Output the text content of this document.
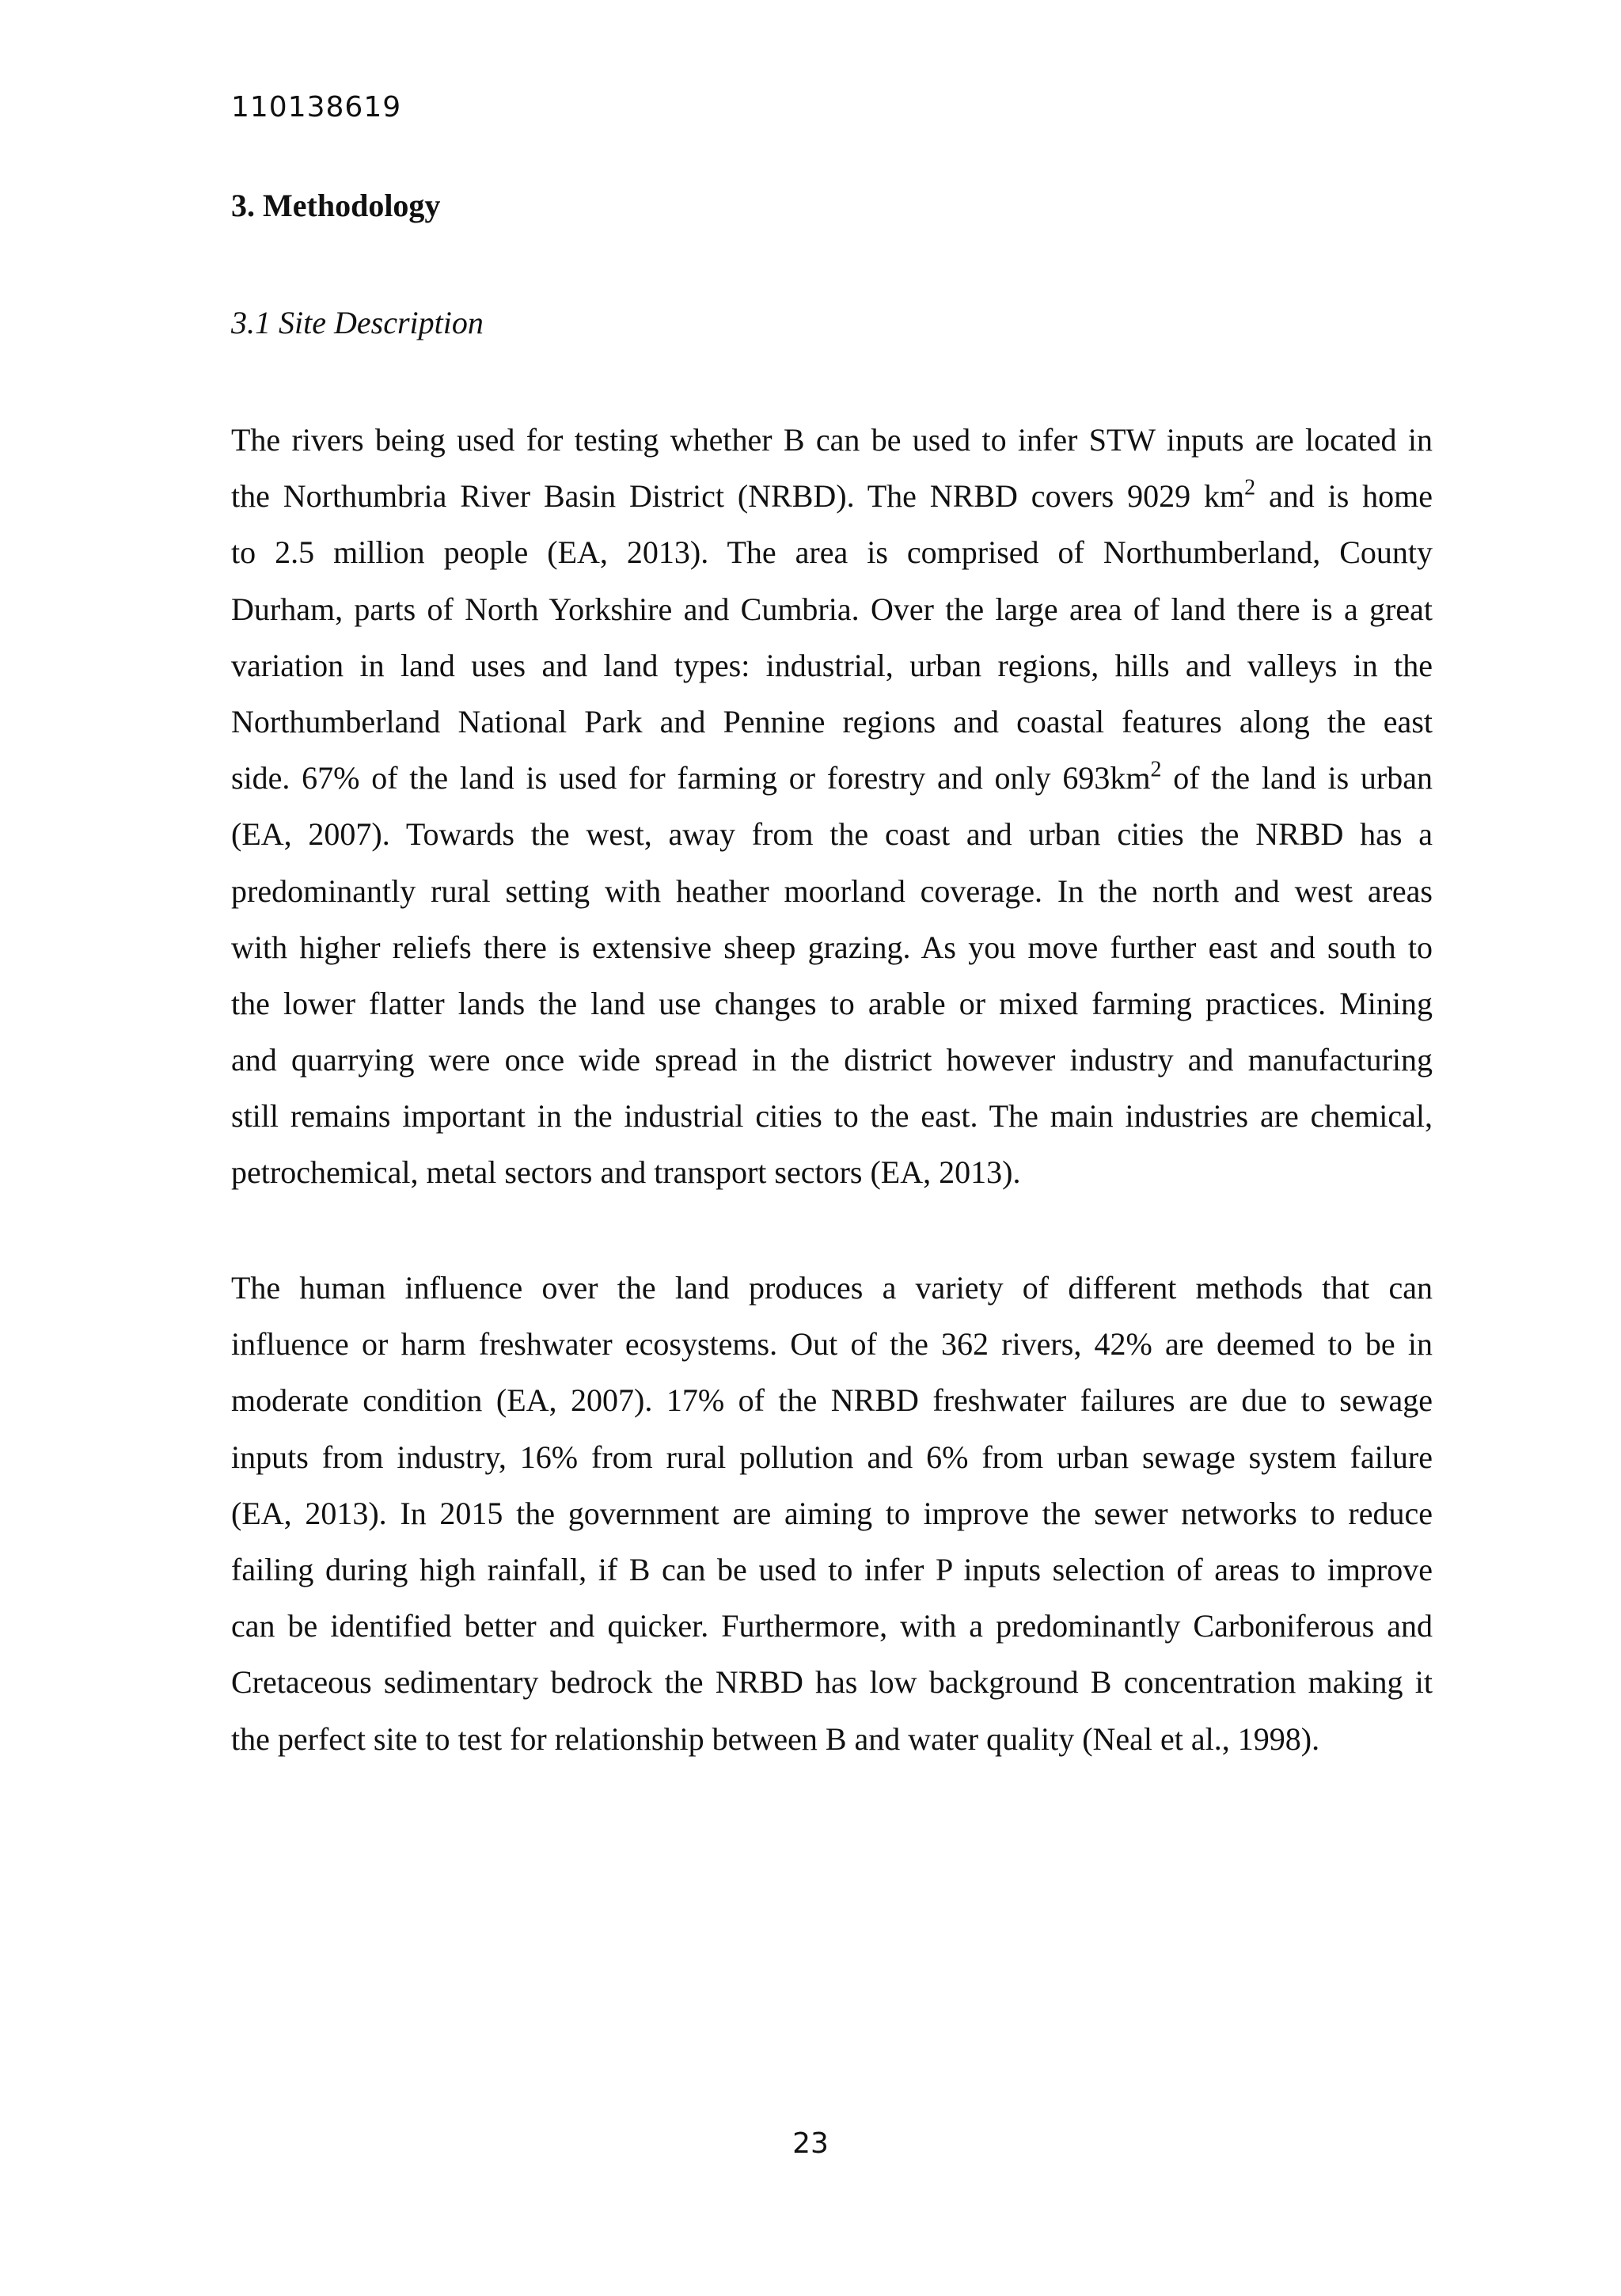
110138619
3. Methodology
3.1 Site Description

The rivers being used for testing whether B can be used to infer STW inputs are located in
the Northumbria River Basin District (NRBD). The NRBD covers 9029 $km^2$ and is home
to 2.5 million people (EA, 2013). The area is comprised of Northumberland, County
Durham, parts of North Yorkshire and Cumbria. Over the large area of land there is a great
variation in land uses and land types: industrial, urban regions, hills and valleys in the
Northumberland National Park and Pennine regions and coastal features along the east
side. 67% of the land is used for farming or forestry and only $693km^2$ of the land is urban
(EA, 2007). Towards the west, away from the coast and urban cities the NRBD has a
predominantly rural setting with heather moorland coverage. In the north and west areas
with higher reliefs there is extensive sheep grazing. As you move further east and south to
the lower flatter lands the land use changes to arable or mixed farming practices. Mining
and quarrying were once wide spread in the district however industry and manufacturing
still remains important in the industrial cities to the east. The main industries are chemical,
petrochemical, metal sectors and transport sectors (EA, 2013).

The human influence over the land produces a variety of different methods that can
influence or harm freshwater ecosystems. Out of the 362 rivers, 42% are deemed to be in
moderate condition (EA, 2007). 17% of the NRBD freshwater failures are due to sewage
inputs from industry, 16% from rural pollution and 6% from urban sewage system failure
(EA, 2013). In 2015 the government are aiming to improve the sewer networks to reduce
failing during high rainfall, if B can be used to infer P inputs selection of areas to improve
can be identified better and quicker. Furthermore, with a predominantly Carboniferous and
Cretaceous sedimentary bedrock the NRBD has low background B concentration making it
the perfect site to test for relationship between B and water quality (Neal et al., 1998).

23
